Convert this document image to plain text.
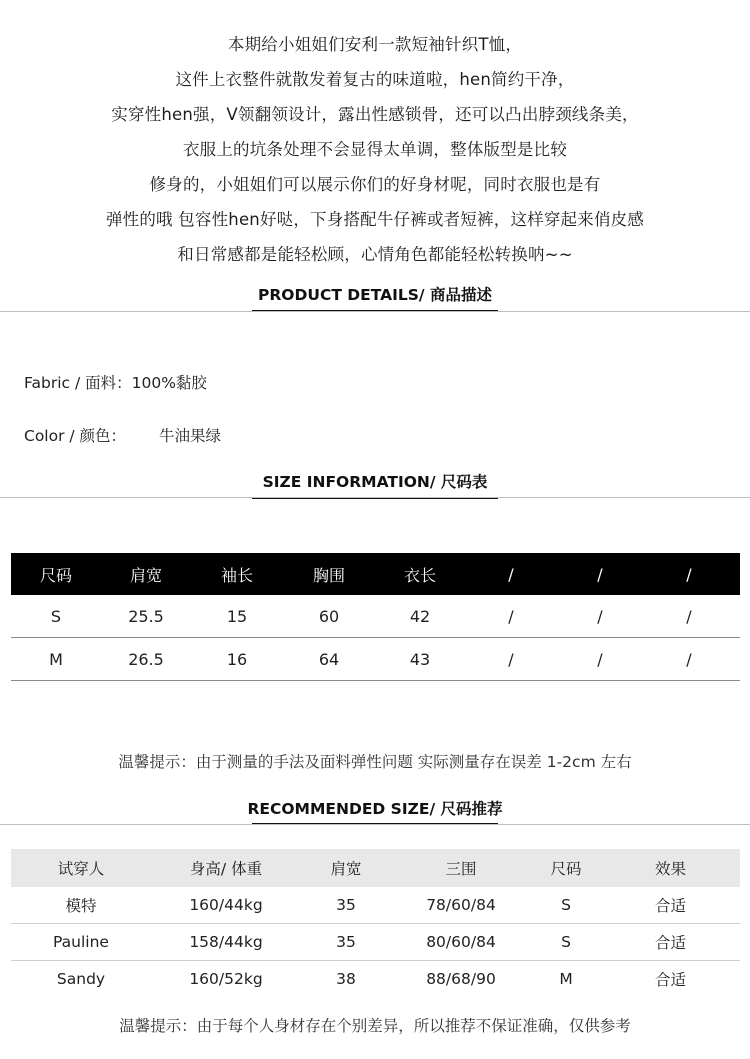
本期给小姐姐们安利一款短袖针织T恤，

这件上衣整件就散发着复古的味道啦，hen简约干净，

实穿性hen强，V领翻领设计，露出性感锁骨，还可以凸出脖颈线条美，

衣服上的坑条处理不会显得太单调，整体版型是比较

修身的，小姐姐们可以展示你们的好身材呢，同时衣服也是有

弹性的哦 包容性hen好哒，下身搭配牛仔裤或者短裤，这样穿起来俏皮感

和日常感都是能轻松顾，心情角色都能轻松转换呐~~

PRODUCT DETAILS/ 商品描述
Fabric / 面料：100%黏胶
Color / 颜色： 牛油果绿
SIZE INFORMATION/ 尺码表
尺码	肩宽	袖长	胸围	衣长	/	/	/
S	25.5	15	60	42	/	/	/
M	26.5	16	64	43	/	/	/
温馨提示：由于测量的手法及面料弹性问题 实际测量存在误差 1-2cm 左右
RECOMMENDED SIZE/ 尺码推荐
试穿人	身高/ 体重	肩宽	三围	尺码	效果
模特	160/44kg	35	78/60/84	S	合适
Pauline	158/44kg	35	80/60/84	S	合适
Sandy	160/52kg	38	88/68/90	M	合适
温馨提示：由于每个人身材存在个别差异，所以推荐不保证准确，仅供参考
